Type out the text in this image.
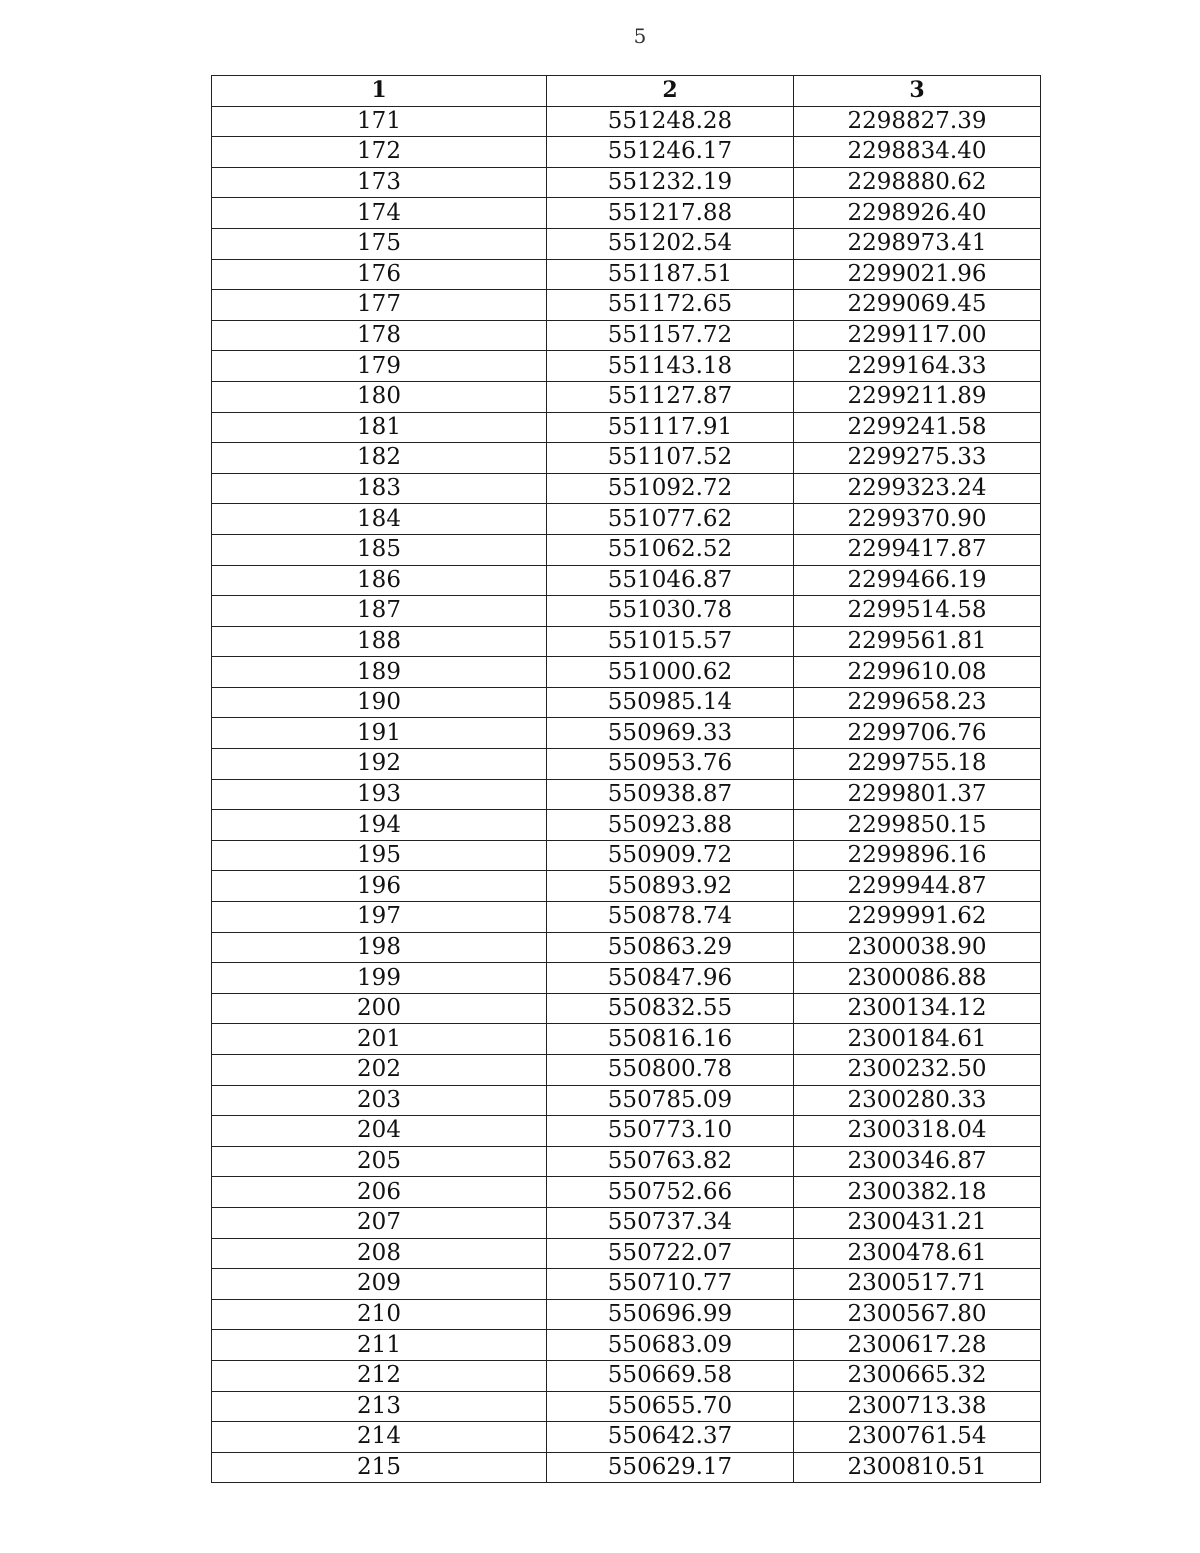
5
1	2	3
171	551248.28	2298827.39
172	551246.17	2298834.40
173	551232.19	2298880.62
174	551217.88	2298926.40
175	551202.54	2298973.41
176	551187.51	2299021.96
177	551172.65	2299069.45
178	551157.72	2299117.00
179	551143.18	2299164.33
180	551127.87	2299211.89
181	551117.91	2299241.58
182	551107.52	2299275.33
183	551092.72	2299323.24
184	551077.62	2299370.90
185	551062.52	2299417.87
186	551046.87	2299466.19
187	551030.78	2299514.58
188	551015.57	2299561.81
189	551000.62	2299610.08
190	550985.14	2299658.23
191	550969.33	2299706.76
192	550953.76	2299755.18
193	550938.87	2299801.37
194	550923.88	2299850.15
195	550909.72	2299896.16
196	550893.92	2299944.87
197	550878.74	2299991.62
198	550863.29	2300038.90
199	550847.96	2300086.88
200	550832.55	2300134.12
201	550816.16	2300184.61
202	550800.78	2300232.50
203	550785.09	2300280.33
204	550773.10	2300318.04
205	550763.82	2300346.87
206	550752.66	2300382.18
207	550737.34	2300431.21
208	550722.07	2300478.61
209	550710.77	2300517.71
210	550696.99	2300567.80
211	550683.09	2300617.28
212	550669.58	2300665.32
213	550655.70	2300713.38
214	550642.37	2300761.54
215	550629.17	2300810.51
